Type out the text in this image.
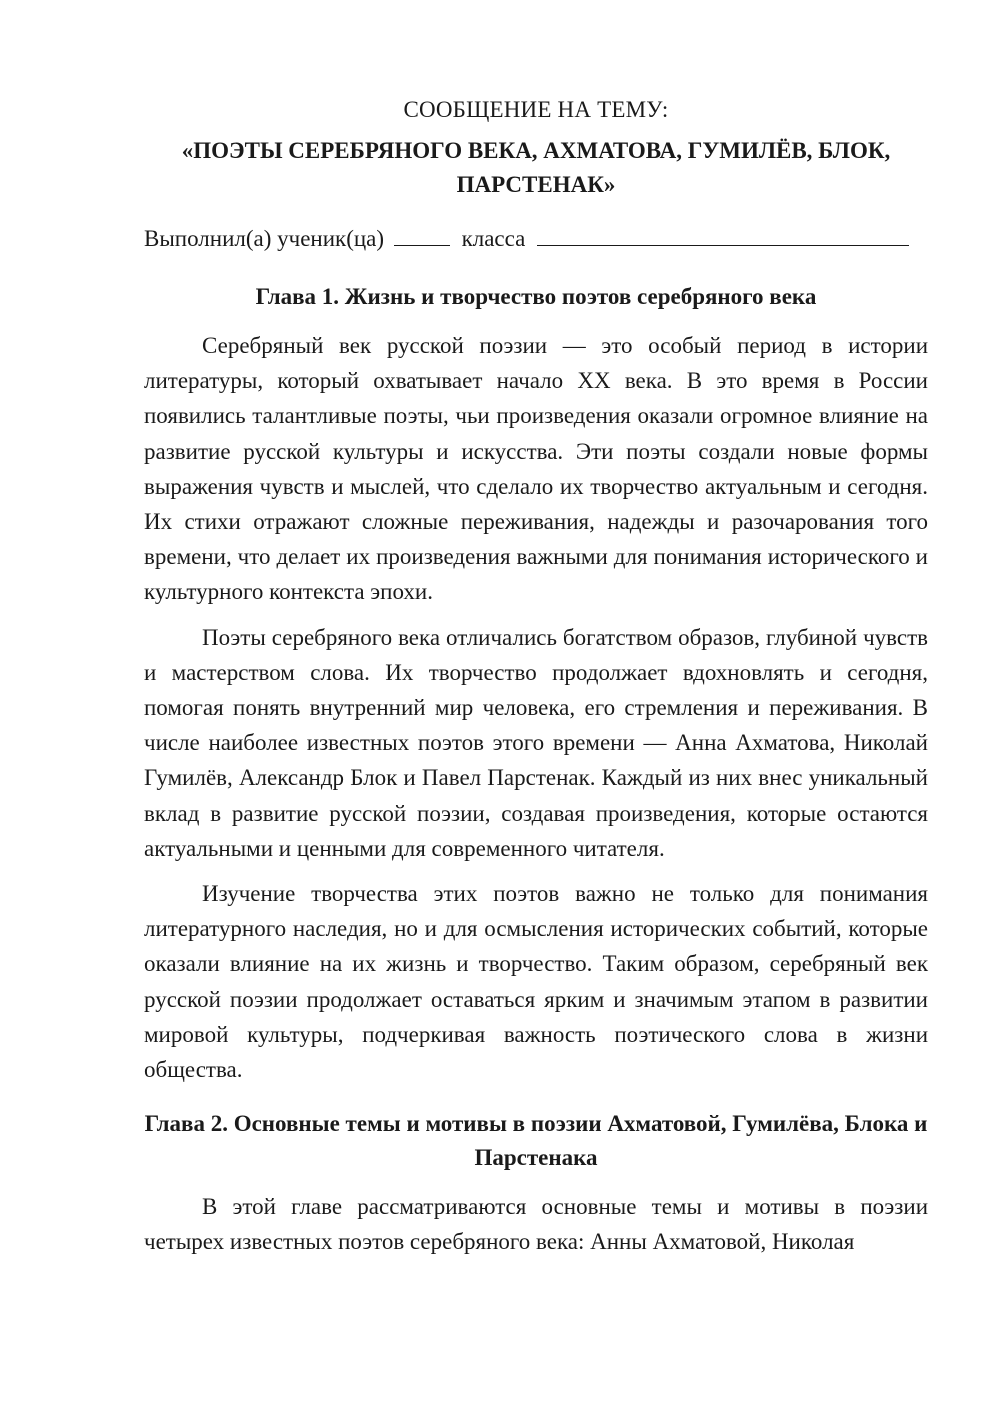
СООБЩЕНИЕ НА ТЕМУ:

«ПОЭТЫ СЕРЕБРЯНОГО ВЕКА, АХМАТОВА, ГУМИЛЁВ, БЛОК, ПАРСТЕНАК»

Выполнил(а) ученик(ца)	класса

Глава 1. Жизнь и творчество поэтов серебряного века

Серебряный век русской поэзии — это особый период в истории литературы, который охватывает начало XX века. В это время в России появились талантливые поэты, чьи произведения оказали огромное влияние на развитие русской культуры и искусства. Эти поэты создали новые формы выражения чувств и мыслей, что сделало их творчество актуальным и сегодня. Их стихи отражают сложные переживания, надежды и разочарования того времени, что делает их произведения важными для понимания исторического и культурного контекста эпохи.

Поэты серебряного века отличались богатством образов, глубиной чувств и мастерством слова. Их творчество продолжает вдохновлять и сегодня, помогая понять внутренний мир человека, его стремления и переживания. В числе наиболее известных поэтов этого времени — Анна Ахматова, Николай Гумилёв, Александр Блок и Павел Парстенак. Каждый из них внес уникальный вклад в развитие русской поэзии, создавая произведения, которые остаются актуальными и ценными для современного читателя.

Изучение творчества этих поэтов важно не только для понимания литературного наследия, но и для осмысления исторических событий, которые оказали влияние на их жизнь и творчество. Таким образом, серебряный век русской поэзии продолжает оставаться ярким и значимым этапом в развитии мировой культуры, подчеркивая важность поэтического слова в жизни общества.

Глава 2. Основные темы и мотивы в поэзии Ахматовой, Гумилёва, Блока и Парстенака

В этой главе рассматриваются основные темы и мотивы в поэзии четырех известных поэтов серебряного века: Анны Ахматовой, Николая
